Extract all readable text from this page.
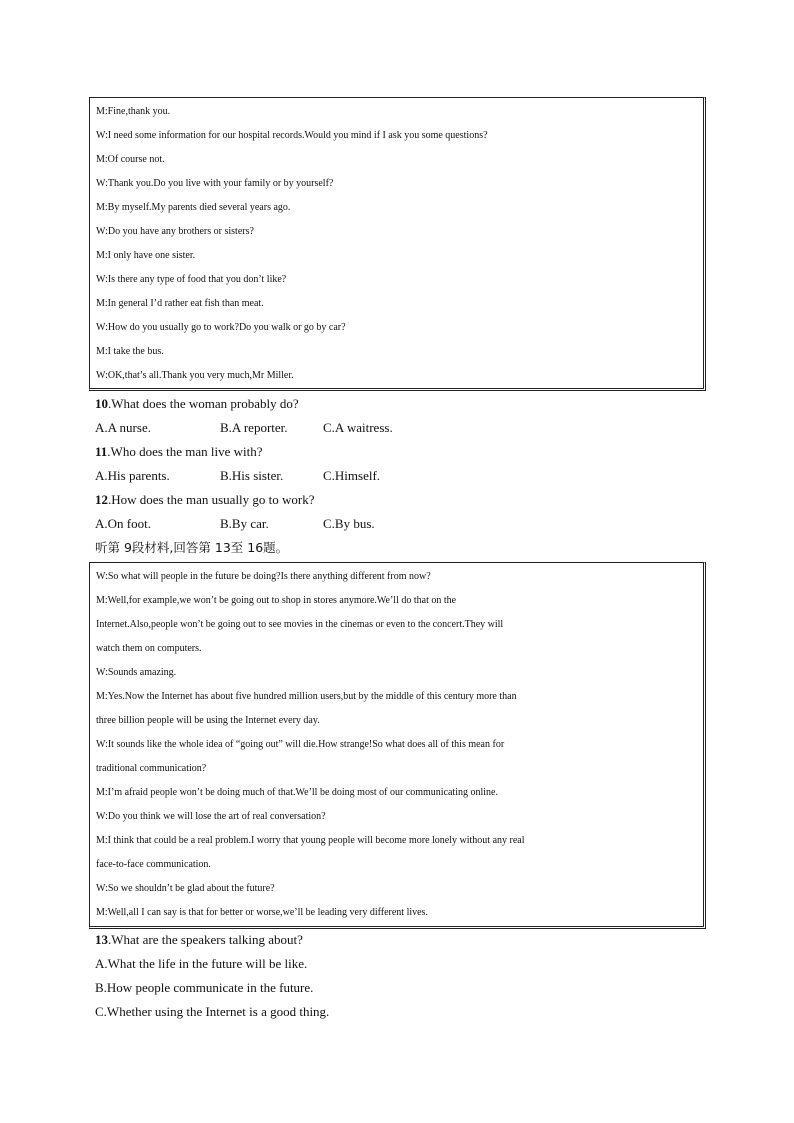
M:Fine,thank you.
W:I need some information for our hospital records.Would you mind if I ask you some questions?
M:Of course not.
W:Thank you.Do you live with your family or by yourself?
M:By myself.My parents died several years ago.
W:Do you have any brothers or sisters?
M:I only have one sister.
W:Is there any type of food that you don’t like?
M:In general I’d rather eat fish than meat.
W:How do you usually go to work?Do you walk or go by car?
M:I take the bus.
W:OK,that’s all.Thank you very much,Mr Miller.
10.What does the woman probably do?
A.A nurse.	B.A reporter.	C.A waitress.
11.Who does the man live with?
A.His parents.	B.His sister.	C.Himself.
12.How does the man usually go to work?
A.On foot.	B.By car.	C.By bus.
听第 9段材料,回答第 13至 16题。
W:So what will people in the future be doing?Is there anything different from now?
M:Well,for example,we won’t be going out to shop in stores anymore.We’ll do that on the
Internet.Also,people won’t be going out to see movies in the cinemas or even to the concert.They will
watch them on computers.
W:Sounds amazing.
M:Yes.Now the Internet has about five hundred million users,but by the middle of this century more than
three billion people will be using the Internet every day.
W:It sounds like the whole idea of “going out” will die.How strange!So what does all of this mean for
traditional communication?
M:I’m afraid people won’t be doing much of that.We’ll be doing most of our communicating online.
W:Do you think we will lose the art of real conversation?
M:I think that could be a real problem.I worry that young people will become more lonely without any real
face-to-face communication.
W:So we shouldn’t be glad about the future?
M:Well,all I can say is that for better or worse,we’ll be leading very different lives.
13.What are the speakers talking about?
A.What the life in the future will be like.
B.How people communicate in the future.
C.Whether using the Internet is a good thing.
